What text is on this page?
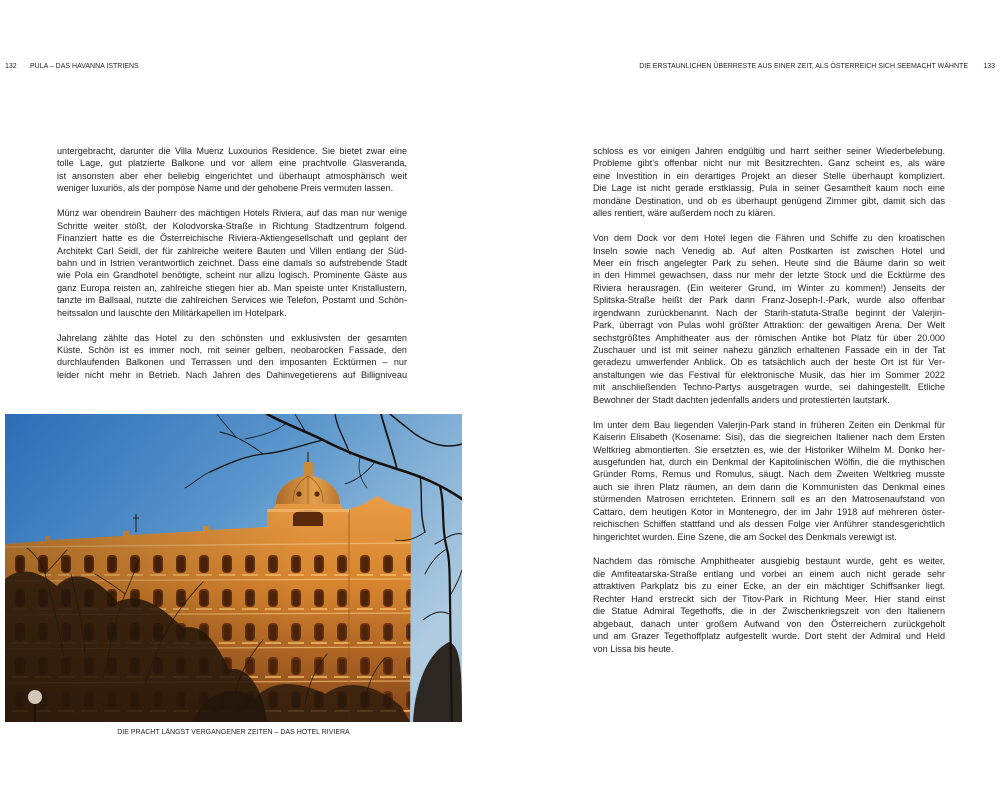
132 PULA – DAS HAVANNA ISTRIENS	DIE ERSTAUNLICHEN ÜBERRESTE AUS EINER ZEIT, ALS ÖSTERREICH SICH SEEMACHT WÄHNTE 133
untergebracht, darunter die Villa Muenz Luxourios Residence. Sie bietet zwar eine
tolle Lage, gut platzierte Balkone und vor allem eine prachtvolle Glasveranda,
ist ansonsten aber eher beliebig eingerichtet und überhaupt atmosphärisch weit
weniger luxuriös, als der pompöse Name und der gehobene Preis vermuten lassen.
Münz war obendrein Bauherr des mächtigen Hotels Riviera, auf das man nur wenige
Schritte weiter stößt, der Kolodvorska-Straße in Richtung Stadtzentrum folgend.
Finanziert hatte es die Österreichische Riviera-Aktiengesellschaft und geplant der
Architekt Carl Seidl, der für zahlreiche weitere Bauten und Villen entlang der Süd-
bahn und in Istrien verantwortlich zeichnet. Dass eine damals so aufstrebende Stadt
wie Pola ein Grandhotel benötigte, scheint nur allzu logisch. Prominente Gäste aus
ganz Europa reisten an, zahlreiche stiegen hier ab. Man speiste unter Kristallustern,
tanzte im Ballsaal, nutzte die zahlreichen Services wie Telefon, Postamt und Schön-
heitssalon und lauschte den Militärkapellen im Hotelpark.
Jahrelang zählte das Hotel zu den schönsten und exklusivsten der gesamten
Küste. Schön ist es immer noch, mit seiner gelben, neobarocken Fassade, den
durchlaufenden Balkonen und Terrassen und den imposanten Ecktürmen – nur
leider nicht mehr in Betrieb. Nach Jahren des Dahinvegetierens auf Billigniveau
DIE PRACHT LÄNGST VERGANGENER ZEITEN – DAS HOTEL RIVIERA
schloss es vor einigen Jahren endgültig und harrt seither seiner Wiederbelebung.
Probleme gibt’s offenbar nicht nur mit Besitzrechten. Ganz scheint es, als wäre
eine Investition in ein derartiges Projekt an dieser Stelle überhaupt kompliziert.
Die Lage ist nicht gerade erstklassig, Pula in seiner Gesamtheit kaum noch eine
mondäne Destination, und ob es überhaupt genügend Zimmer gibt, damit sich das
alles rentiert, wäre außerdem noch zu klären.
Von dem Dock vor dem Hotel legen die Fähren und Schiffe zu den kroatischen
Inseln sowie nach Venedig ab. Auf alten Postkarten ist zwischen Hotel und
Meer ein frisch angelegter Park zu sehen. Heute sind die Bäume darin so weit
in den Himmel gewachsen, dass nur mehr der letzte Stock und die Ecktürme des
Riviera herausragen. (Ein weiterer Grund, im Winter zu kommen!) Jenseits der
Splitska-Straße heißt der Park dann Franz-Joseph-I.-Park, wurde also offenbar
irgendwann zurückbenannt. Nach der Starih-statuta-Straße beginnt der Valerjin-
Park, überragt von Pulas wohl größter Attraktion: der gewaltigen Arena. Der Welt
sechstgrößtes Amphitheater aus der römischen Antike bot Platz für über 20.000
Zuschauer und ist mit seiner nahezu gänzlich erhaltenen Fassade ein in der Tat
geradezu umwerfender Anblick. Ob es tatsächlich auch der beste Ort ist für Ver-
anstaltungen wie das Festival für elektronische Musik, das hier im Sommer 2022
mit anschließenden Techno-Partys ausgetragen wurde, sei dahingestellt. Etliche
Bewohner der Stadt dachten jedenfalls anders und protestierten lautstark.
Im unter dem Bau liegenden Valerjin-Park stand in früheren Zeiten ein Denkmal für
Kaiserin Elisabeth (Kosename: Sisi), das die siegreichen Italiener nach dem Ersten
Weltkrieg abmontierten. Sie ersetzten es, wie der Historiker Wilhelm M. Donko her-
ausgefunden hat, durch ein Denkmal der Kapitolinischen Wölfin, die die mythischen
Gründer Roms, Remus und Romulus, säugt. Nach dem Zweiten Weltkrieg musste
auch sie ihren Platz räumen, an dem dann die Kommunisten das Denkmal eines
stürmenden Matrosen errichteten. Erinnern soll es an den Matrosenaufstand von
Cattaro, dem heutigen Kotor in Montenegro, der im Jahr 1918 auf mehreren öster-
reichischen Schiffen stattfand und als dessen Folge vier Anführer standesgerichtlich
hingerichtet wurden. Eine Szene, die am Sockel des Denkmals verewigt ist.
Nachdem das römische Amphitheater ausgiebig bestaunt wurde, geht es weiter,
die Amfiteatarska-Straße entlang und vorbei an einem auch nicht gerade sehr
attraktiven Parkplatz bis zu einer Ecke, an der ein mächtiger Schiffsanker liegt.
Rechter Hand erstreckt sich der Titov-Park in Richtung Meer. Hier stand einst
die Statue Admiral Tegethoffs, die in der Zwischenkriegszeit von den Italienern
abgebaut, danach unter großem Aufwand von den Österreichern zurückgeholt
und am Grazer Tegethoffplatz aufgestellt wurde. Dort steht der Admiral und Held
von Lissa bis heute.
